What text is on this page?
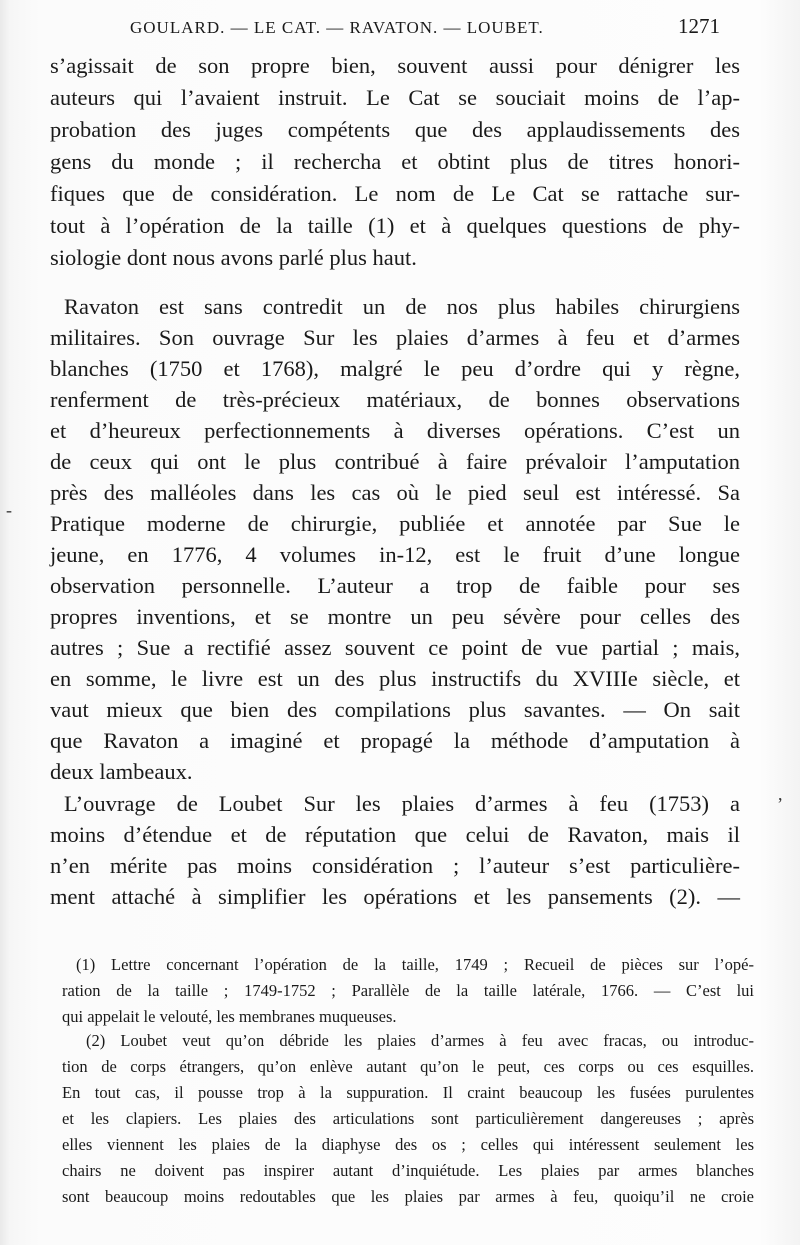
GOULARD. — LE CAT. — RAVATON. — LOUBET.	1271
s’agissait de son propre bien, souvent aussi pour dénigrer les
auteurs qui l’avaient instruit. Le Cat se souciait moins de l’ap-
probation des juges compétents que des applaudissements des
gens du monde ; il rechercha et obtint plus de titres honori-
fiques que de considération. Le nom de Le Cat se rattache sur-
tout à l’opération de la taille (1) et à quelques questions de phy-
siologie dont nous avons parlé plus haut.
Ravaton est sans contredit un de nos plus habiles chirurgiens
militaires. Son ouvrage Sur les plaies d’armes à feu et d’armes
blanches (1750 et 1768), malgré le peu d’ordre qui y règne,
renferment de très-précieux matériaux, de bonnes observations
et d’heureux perfectionnements à diverses opérations. C’est un
de ceux qui ont le plus contribué à faire prévaloir l’amputation
près des malléoles dans les cas où le pied seul est intéressé. Sa
Pratique moderne de chirurgie, publiée et annotée par Sue le
jeune, en 1776, 4 volumes in-12, est le fruit d’une longue
observation personnelle. L’auteur a trop de faible pour ses
propres inventions, et se montre un peu sévère pour celles des
autres ; Sue a rectifié assez souvent ce point de vue partial ; mais,
en somme, le livre est un des plus instructifs du XVIIIe siècle, et
vaut mieux que bien des compilations plus savantes. — On sait
que Ravaton a imaginé et propagé la méthode d’amputation à
deux lambeaux.
L’ouvrage de Loubet Sur les plaies d’armes à feu (1753) a
moins d’étendue et de réputation que celui de Ravaton, mais il
n’en mérite pas moins considération ; l’auteur s’est particulière-
ment attaché à simplifier les opérations et les pansements (2). —
(1) Lettre concernant l’opération de la taille, 1749 ; Recueil de pièces sur l’opé-
ration de la taille ; 1749-1752 ; Parallèle de la taille latérale, 1766. — C’est lui
qui appelait le velouté, les membranes muqueuses.
(2) Loubet veut qu’on débride les plaies d’armes à feu avec fracas, ou introduc-
tion de corps étrangers, qu’on enlève autant qu’on le peut, ces corps ou ces esquilles.
En tout cas, il pousse trop à la suppuration. Il craint beaucoup les fusées purulentes
et les clapiers. Les plaies des articulations sont particulièrement dangereuses ; après
elles viennent les plaies de la diaphyse des os ; celles qui intéressent seulement les
chairs ne doivent pas inspirer autant d’inquiétude. Les plaies par armes blanches
sont beaucoup moins redoutables que les plaies par armes à feu, quoiqu’il ne croie
-
,
